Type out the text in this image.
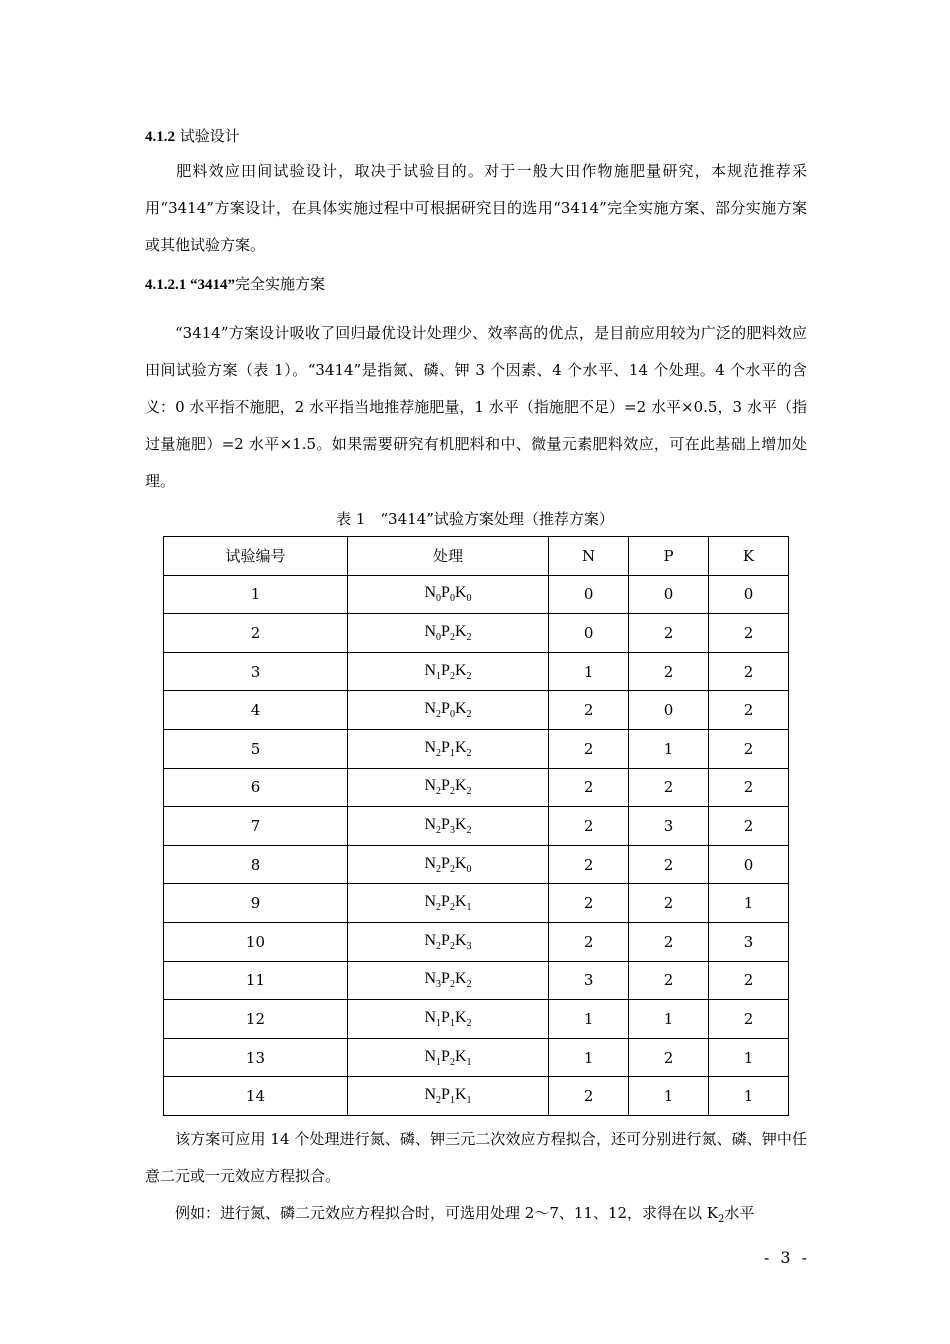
4.1.2 试验设计
肥料效应田间试验设计，取决于试验目的。对于一般大田作物施肥量研究，本规范推荐采用“3414”方案设计，在具体实施过程中可根据研究目的选用“3414”完全实施方案、部分实施方案或其他试验方案。
4.1.2.1 “3414”完全实施方案
“3414”方案设计吸收了回归最优设计处理少、效率高的优点，是目前应用较为广泛的肥料效应田间试验方案（表 1）。“3414”是指氮、磷、钾 3 个因素、4 个水平、14 个处理。4 个水平的含义：0 水平指不施肥，2 水平指当地推荐施肥量，1 水平（指施肥不足）=2 水平×0.5，3 水平（指过量施肥）=2 水平×1.5。如果需要研究有机肥料和中、微量元素肥料效应，可在此基础上增加处理。
表 1　“3414”试验方案处理（推荐方案）
试验编号	处理	N	P	K
1	$N_0P_0K_0$	0	0	0
2	$N_0P_2K_2$	0	2	2
3	$N_1P_2K_2$	1	2	2
4	$N_2P_0K_2$	2	0	2
5	$N_2P_1K_2$	2	1	2
6	$N_2P_2K_2$	2	2	2
7	$N_2P_3K_2$	2	3	2
8	$N_2P_2K_0$	2	2	0
9	$N_2P_2K_1$	2	2	1
10	$N_2P_2K_3$	2	2	3
11	$N_3P_2K_2$	3	2	2
12	$N_1P_1K_2$	1	1	2
13	$N_1P_2K_1$	1	2	1
14	$N_2P_1K_1$	2	1	1
该方案可应用 14 个处理进行氮、磷、钾三元二次效应方程拟合，还可分别进行氮、磷、钾中任意二元或一元效应方程拟合。
例如：进行氮、磷二元效应方程拟合时，可选用处理 2～7、11、12，求得在以 $K_2$水平
- 3 -
